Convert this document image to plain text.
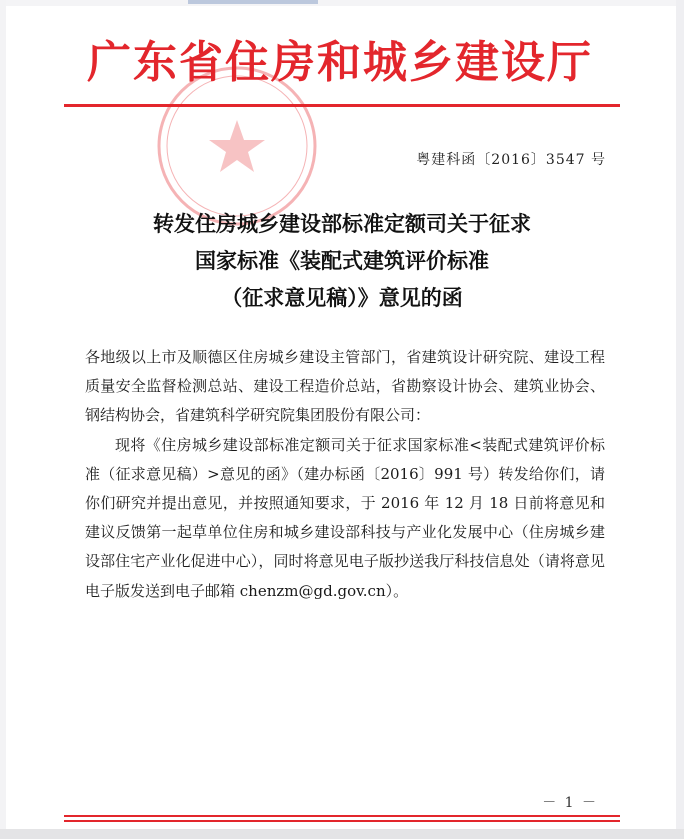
广东省住房和城乡建设厅
粤建科函〔2016〕3547 号
转发住房城乡建设部标准定额司关于征求
国家标准《装配式建筑评价标准
（征求意见稿）》意见的函

各地级以上市及顺德区住房城乡建设主管部门，省建筑设计研究院、建设工程质量安全监督检测总站、建设工程造价总站，省勘察设计协会、建筑业协会、钢结构协会，省建筑科学研究院集团股份有限公司：

现将《住房城乡建设部标准定额司关于征求国家标准<装配式建筑评价标准（征求意见稿）>意见的函》（建办标函〔2016〕991 号）转发给你们，请你们研究并提出意见，并按照通知要求，于 2016 年 12 月 18 日前将意见和建议反馈第一起草单位住房和城乡建设部科技与产业化发展中心（住房城乡建设部住宅产业化促进中心），同时将意见电子版抄送我厅科技信息处（请将意见电子版发送到电子邮箱 chenzm@gd.gov.cn）。

－ 1 －
